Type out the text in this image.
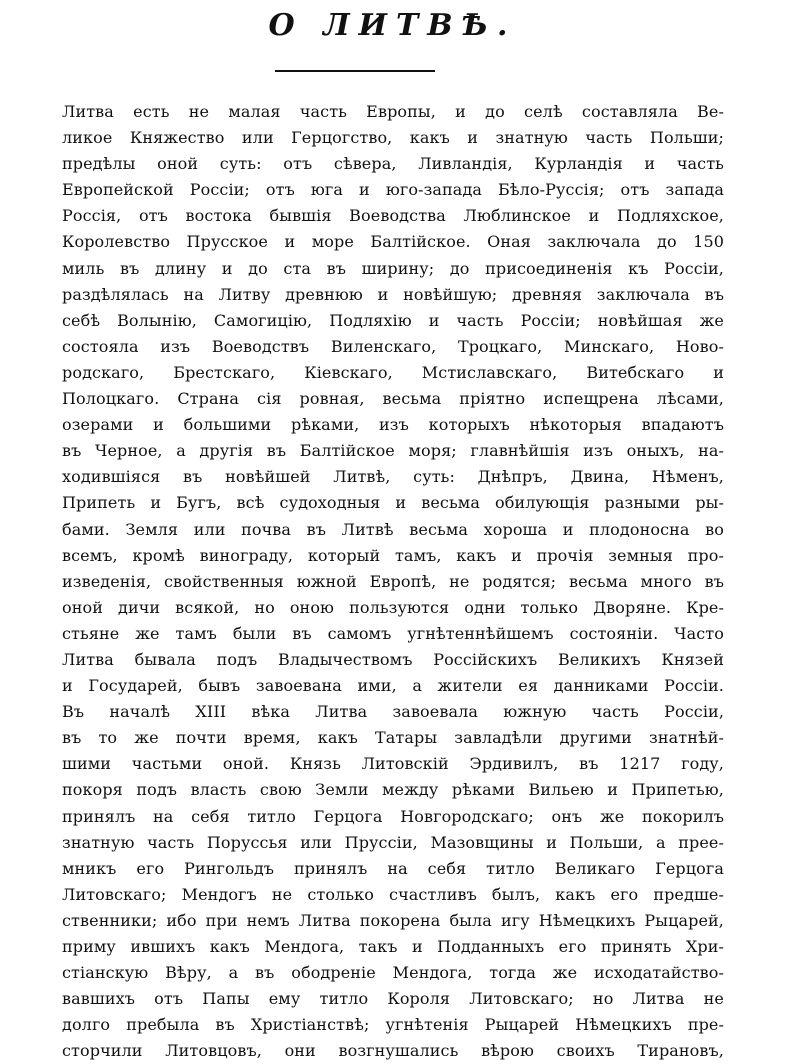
О ЛИТВѢ.
Литва есть не малая часть Европы, и до селѣ составляла Ве-
ликое Княжество или Герцогство, какъ и знатную часть Польши;
предѣлы оной суть: отъ сѣвера, Ливландія, Курландія и часть
Европейской Россіи; отъ юга и юго-запада Бѣло-Руссія; отъ запада
Россія, отъ востока бывшія Воеводства Люблинское и Подляхское,
Королевство Прусское и море Балтійское. Оная заключала до 150
миль въ длину и до ста въ ширину; до присоединенія къ Россіи,
раздѣлялась на Литву древнюю и новѣйшую; древняя заключала въ
себѣ Волынію, Самогицію, Подляхію и часть Россіи; новѣйшая же
состояла изъ Воеводствъ Виленскаго, Троцкаго, Минскаго, Ново-
родскаго, Брестскаго, Кіевскаго, Мстиславскаго, Витебскаго и
Полоцкаго. Страна сія ровная, весьма пріятно испещрена лѣсами,
озерами и большими рѣками, изъ которыхъ нѣкоторыя впадаютъ
въ Черное, а другія въ Балтійское моря; главнѣйшія изъ оныхъ, на-
ходившіяся въ новѣйшей Литвѣ, суть: Днѣпръ, Двина, Нѣменъ,
Припеть и Бугъ, всѣ судоходныя и весьма обилующія разными ры-
бами. Земля или почва въ Литвѣ весьма хороша и плодоносна во
всемъ, кромѣ винограду, который тамъ, какъ и прочія земныя про-
изведенія, свойственныя южной Европѣ, не родятся; весьма много въ
оной дичи всякой, но оною пользуются одни только Дворяне. Кре-
стьяне же тамъ были въ самомъ угнѣтеннѣйшемъ состояніи. Часто
Литва бывала подъ Владычествомъ Россійскихъ Великихъ Князей
и Государей, бывъ завоевана ими, а жители ея данниками Россіи.
Въ началѣ XIII вѣка Литва завоевала южную часть Россіи,
въ то же почти время, какъ Татары завладѣли другими знатнѣй-
шими частьми оной. Князь Литовскій Эрдивилъ, въ 1217 году,
покоря подъ власть свою Земли между рѣками Вильею и Припетью,
принялъ на себя титло Герцога Новгородскаго; онъ же покорилъ
знатную часть Поруссья или Пруссіи, Мазовщины и Польши, а прее-
мникъ его Рингольдъ принялъ на себя титло Великаго Герцога
Литовскаго; Мендогъ не столько счастливъ былъ, какъ его предше-
ственники; ибо при немъ Литва покорена была игу Нѣмецкихъ Рыцарей,
приму ившихъ какъ Мендога, такъ и Подданныхъ его принять Хри-
стіанскую Вѣру, а въ ободреніе Мендога, тогда же исходатайство-
вавшихъ отъ Папы ему титло Короля Литовскаго; но Литва не
долго пребыла въ Христіанствѣ; угнѣтенія Рыцарей Нѣмецкихъ пре-
сторчили Литовцовъ, они возгнушались вѣрою своихъ Тирановъ,
